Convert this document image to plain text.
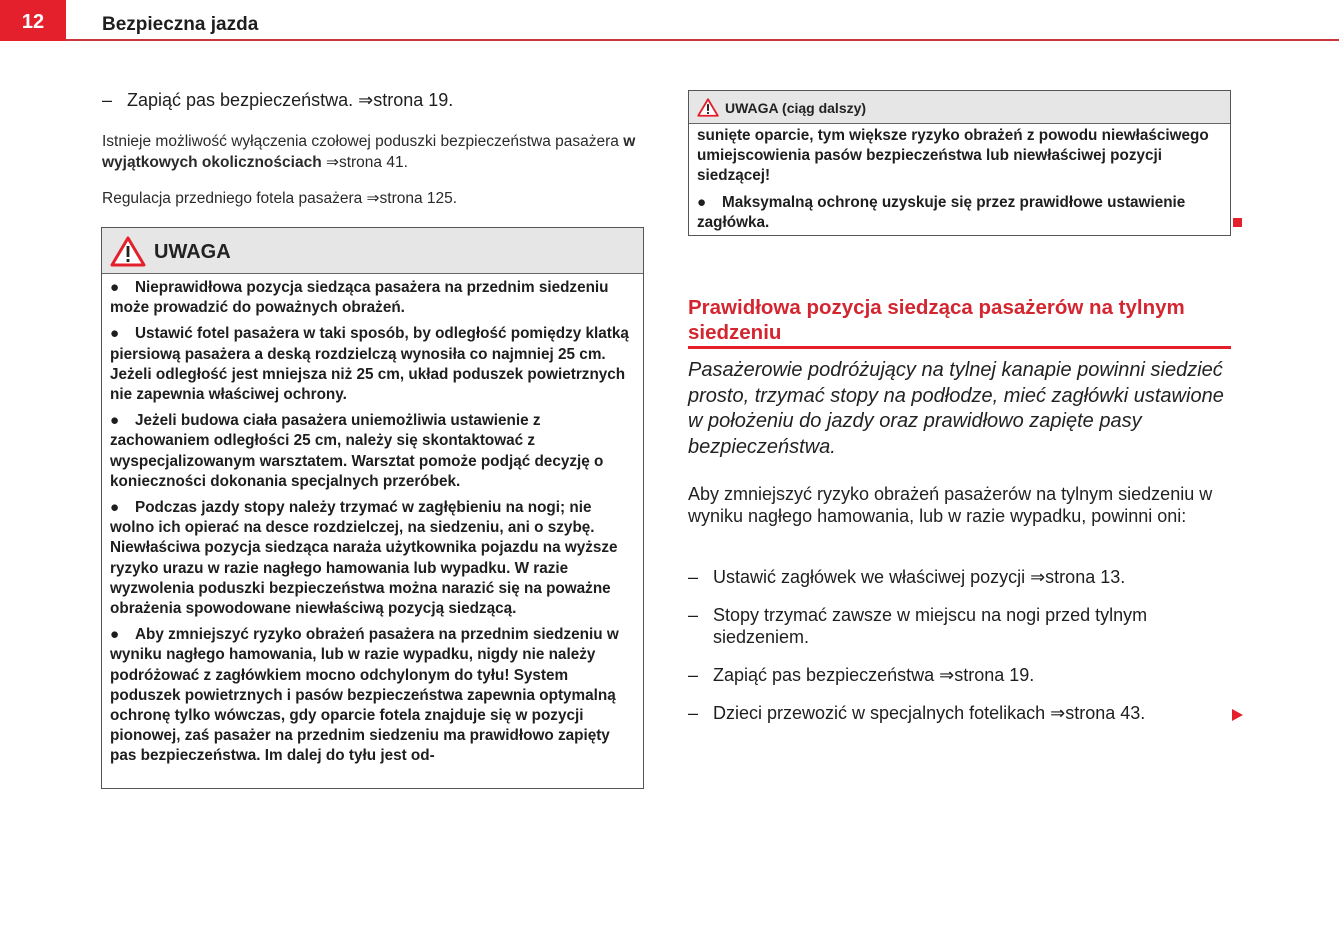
12	Bezpieczna jazda
– Zapiąć pas bezpieczeństwa. ⇒strona 19.

Istnieje możliwość wyłączenia czołowej poduszki bezpieczeństwa pasażera w wyjątkowych okolicznościach ⇒strona 41.

Regulacja przedniego fotela pasażera ⇒strona 125.

UWAGA

● Nieprawidłowa pozycja siedząca pasażera na przednim siedzeniu może prowadzić do poważnych obrażeń.

● Ustawić fotel pasażera w taki sposób, by odległość pomiędzy klatką piersiową pasażera a deską rozdzielczą wynosiła co najmniej 25 cm. Jeżeli odległość jest mniejsza niż 25 cm, układ poduszek powietrznych nie zapewnia właściwej ochrony.

● Jeżeli budowa ciała pasażera uniemożliwia ustawienie z zachowaniem odległości 25 cm, należy się skontaktować z wyspecjalizowanym warsztatem. Warsztat pomoże podjąć decyzję o konieczności dokonania specjalnych przeróbek.

● Podczas jazdy stopy należy trzymać w zagłębieniu na nogi; nie wolno ich opierać na desce rozdzielczej, na siedzeniu, ani o szybę. Niewłaściwa pozycja siedząca naraża użytkownika pojazdu na wyższe ryzyko urazu w razie nagłego hamowania lub wypadku. W razie wyzwolenia poduszki bezpieczeństwa można narazić się na poważne obrażenia spowodowane niewłaściwą pozycją siedzącą.

● Aby zmniejszyć ryzyko obrażeń pasażera na przednim siedzeniu w wyniku nagłego hamowania, lub w razie wypadku, nigdy nie należy podróżować z zagłówkiem mocno odchylonym do tyłu! System poduszek powietrznych i pasów bezpieczeństwa zapewnia optymalną ochronę tylko wówczas, gdy oparcie fotela znajduje się w pozycji pionowej, zaś pasażer na przednim siedzeniu ma prawidłowo zapięty pas bezpieczeństwa. Im dalej do tyłu jest od-

UWAGA (ciąg dalszy)

sunięte oparcie, tym większe ryzyko obrażeń z powodu niewłaściwego umiejscowienia pasów bezpieczeństwa lub niewłaściwej pozycji siedzącej!

● Maksymalną ochronę uzyskuje się przez prawidłowe ustawienie zagłówka.

Prawidłowa pozycja siedząca pasażerów na tylnym siedzeniu

Pasażerowie podróżujący na tylnej kanapie powinni siedzieć prosto, trzymać stopy na podłodze, mieć zagłówki ustawione w położeniu do jazdy oraz prawidłowo zapięte pasy bezpieczeństwa.

Aby zmniejszyć ryzyko obrażeń pasażerów na tylnym siedzeniu w wyniku nagłego hamowania, lub w razie wypadku, powinni oni:

– Ustawić zagłówek we właściwej pozycji ⇒strona 13.
– Stopy trzymać zawsze w miejscu na nogi przed tylnym siedzeniem.
– Zapiąć pas bezpieczeństwa ⇒strona 19.
– Dzieci przewozić w specjalnych fotelikach ⇒strona 43.
